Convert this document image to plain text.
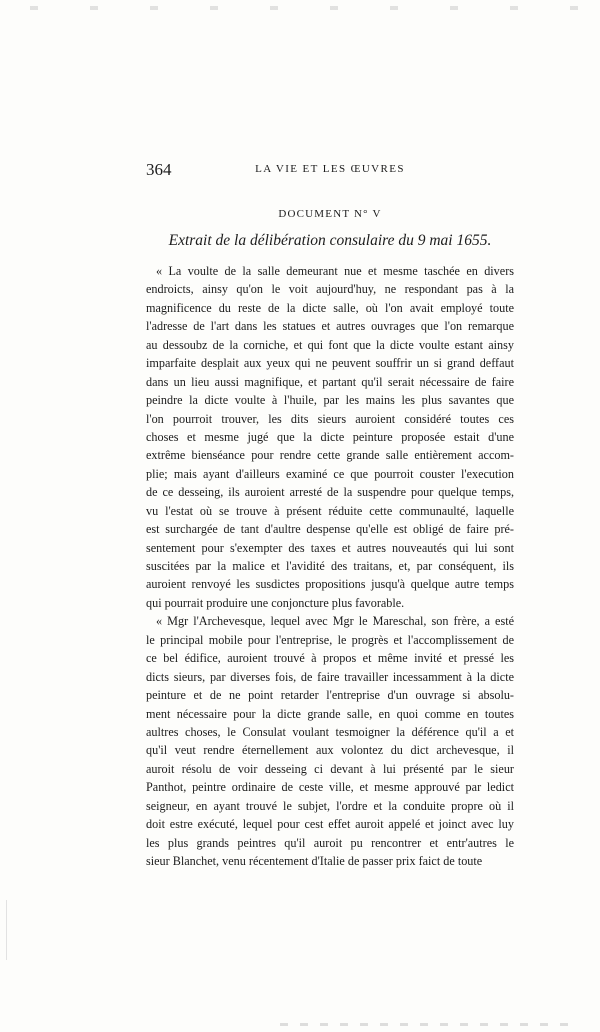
364	LA VIE ET LES ŒUVRES
DOCUMENT N° V
Extrait de la délibération consulaire du 9 mai 1655.
« La voulte de la salle demeurant nue et mesme taschée en divers
endroicts, ainsy qu'on le voit aujourd'huy, ne respondant pas à la
magnificence du reste de la dicte salle, où l'on avait employé toute
l'adresse de l'art dans les statues et autres ouvrages que l'on remarque
au dessoubz de la corniche, et qui font que la dicte voulte estant ainsy
imparfaite desplait aux yeux qui ne peuvent souffrir un si grand deffaut
dans un lieu aussi magnifique, et partant qu'il serait nécessaire de faire
peindre la dicte voulte à l'huile, par les mains les plus savantes que
l'on pourroit trouver, les dits sieurs auroient considéré toutes ces
choses et mesme jugé que la dicte peinture proposée estait d'une
extrême bienséance pour rendre cette grande salle entièrement accom-
plie; mais ayant d'ailleurs examiné ce que pourroit couster l'execution
de ce desseing, ils auroient arresté de la suspendre pour quelque temps,
vu l'estat où se trouve à présent réduite cette communaulté, laquelle
est surchargée de tant d'aultre despense qu'elle est obligé de faire pré-
sentement pour s'exempter des taxes et autres nouveautés qui lui sont
suscitées par la malice et l'avidité des traitans, et, par conséquent, ils
auroient renvoyé les susdictes propositions jusqu'à quelque autre temps
qui pourrait produire une conjoncture plus favorable.
« Mgr l'Archevesque, lequel avec Mgr le Mareschal, son frère, a esté
le principal mobile pour l'entreprise, le progrès et l'accomplissement de
ce bel édifice, auroient trouvé à propos et même invité et pressé les
dicts sieurs, par diverses fois, de faire travailler incessamment à la dicte
peinture et de ne point retarder l'entreprise d'un ouvrage si absolu-
ment nécessaire pour la dicte grande salle, en quoi comme en toutes
aultres choses, le Consulat voulant tesmoigner la déférence qu'il a et
qu'il veut rendre éternellement aux volontez du dict archevesque, il
auroit résolu de voir desseing ci devant à lui présenté par le sieur
Panthot, peintre ordinaire de ceste ville, et mesme approuvé par ledict
seigneur, en ayant trouvé le subjet, l'ordre et la conduite propre où il
doit estre exécuté, lequel pour cest effet auroit appelé et joinct avec luy
les plus grands peintres qu'il auroit pu rencontrer et entr'autres le
sieur Blanchet, venu récentement d'Italie de passer prix faict de toute
